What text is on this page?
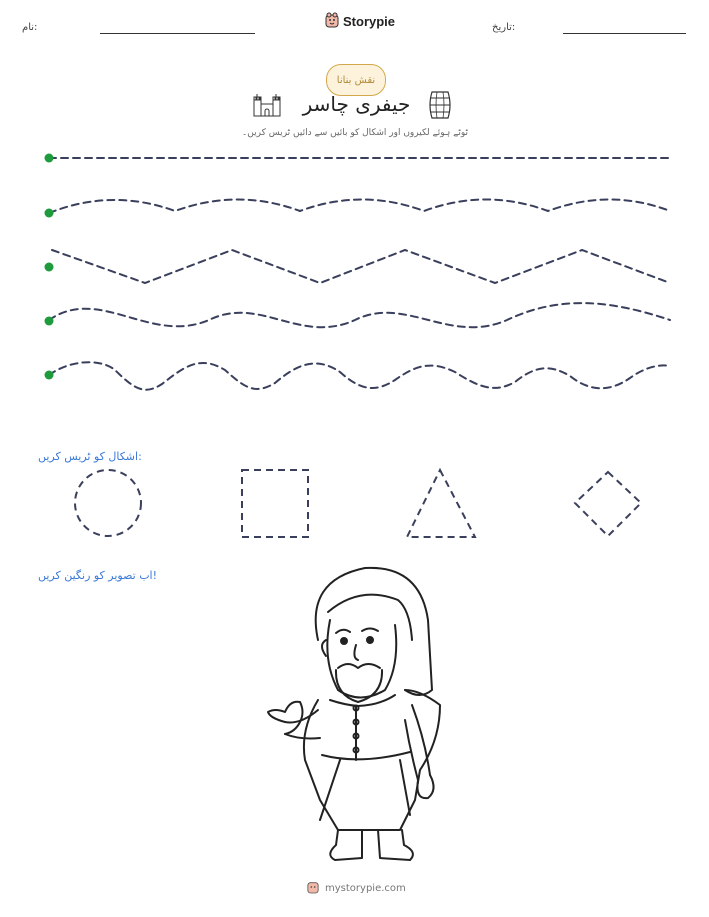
نام:	تاریخ:
Storypie
نقش بنانا
جیفری چاسر
ٹوٹے ہوئے لکیروں اور اشکال کو بائیں سے دائیں ٹریس کریں۔
اشکال کو ٹریس کریں:
اب تصویر کو رنگین کریں!
mystorypie.com
